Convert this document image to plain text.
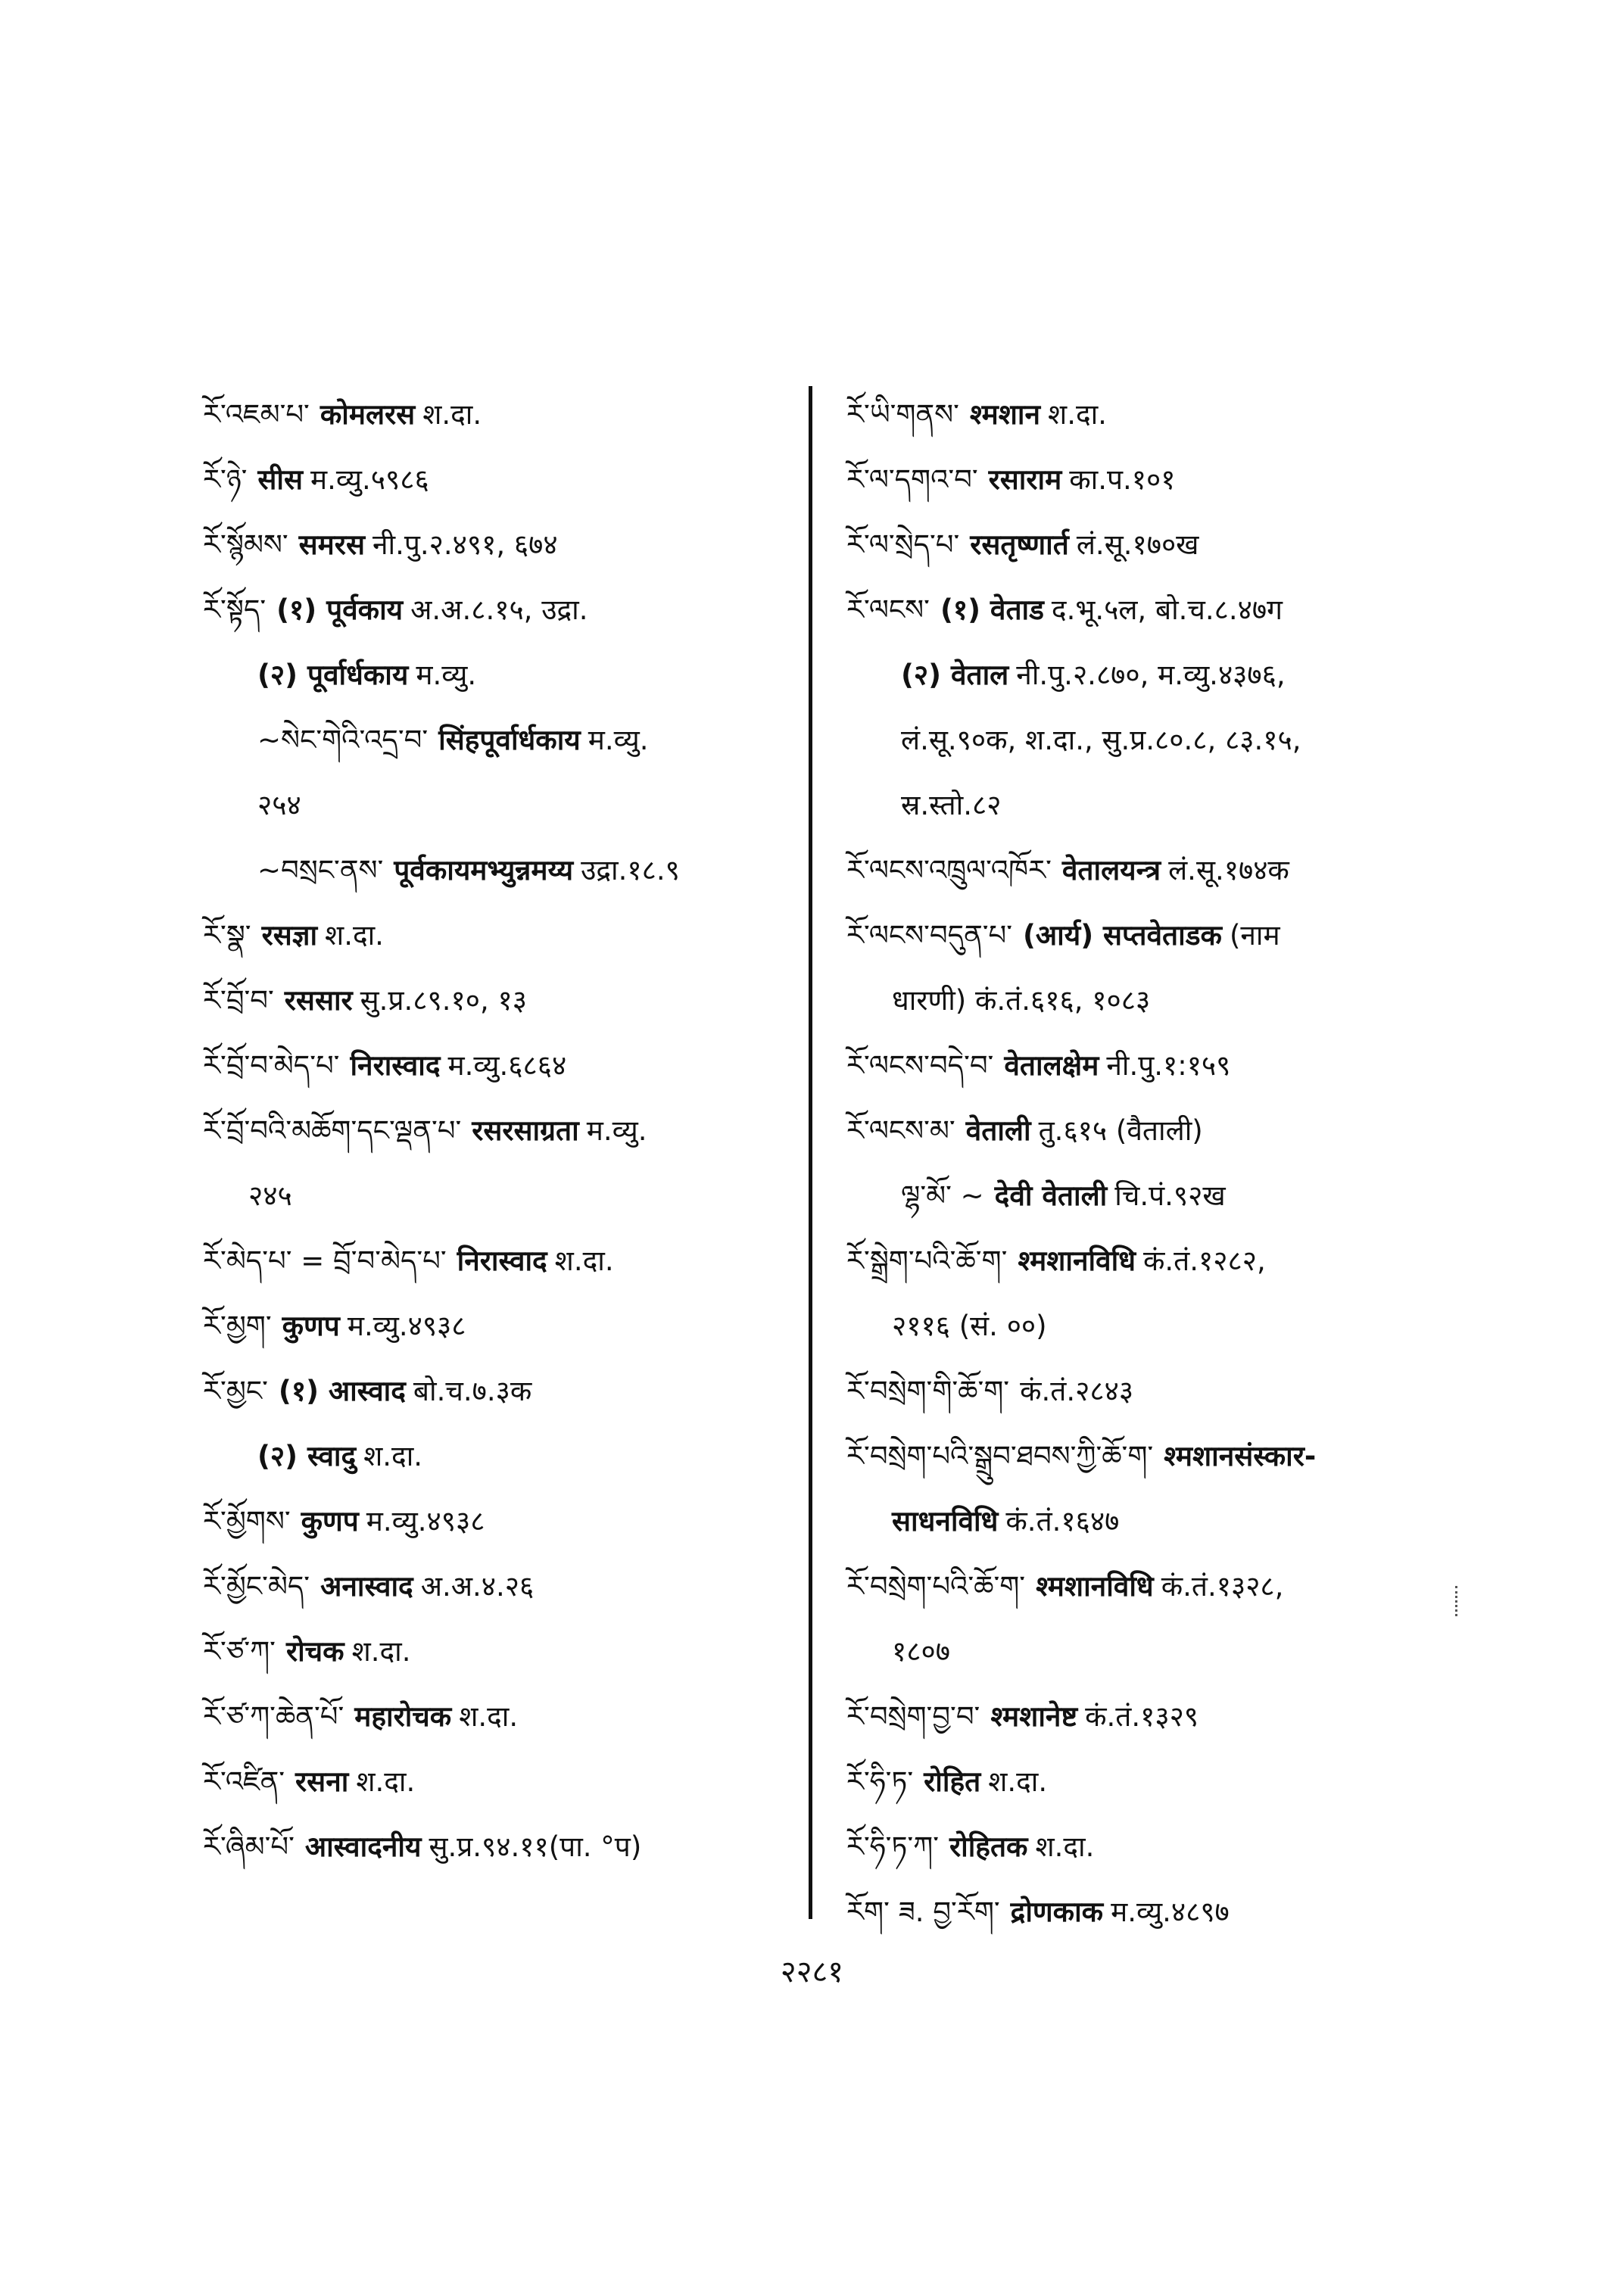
རོ་འཇམ་པ་ कोमलरस श.दा.
རོ་ཉེ་ सीस म.व्यु.५९८६
རོ་སྙོམས་ समरस नी.पु.२.४९१, ६७४
རོ་སྟོད་ (१) पूर्वकाय अ.अ.८.१५, उद्रा.
(२) पूर्वार्धकाय म.व्यु.
~སེང་གེའི་འདྲ་བ་ सिंहपूर्वार्धकाय म.व्यु.
२५४
~བསྲང་ནས་ पूर्वकायमभ्युन्नमय्य उद्रा.१८.९
རོ་སྣ་ रसज्ञा श.दा.
རོ་བྲོ་བ་ रससार सु.प्र.८९.१०, १३
རོ་བྲོ་བ་མེད་པ་ निरास्वाद म.व्यु.६८६४
རོ་བྲོ་བའི་མཆོག་དང་ལྡན་པ་ रसरसाग्रता म.व्यु.
२४५
རོ་མེད་པ་ = བྲོ་བ་མེད་པ་ निरास्वाद श.दा.
རོ་མྱག་ कुणप म.व्यु.४९३८
རོ་མྱང་ (१) आस्वाद बो.च.७.३क
(२) स्वादु श.दा.
རོ་མྱོགས་ कुणप म.व्यु.४९३८
རོ་མྱོང་མེད་ अनास्वाद अ.अ.४.२६
རོ་ཙ་ཀ་ रोचक श.दा.
རོ་ཙ་ཀ་ཆེན་པོ་ महारोचक श.दा.
རོ་འཛིན་ रसना श.दा.
རོ་ཞིམ་པོ་ आस्वादनीय सु.प्र.९४.११(पा. °प)
རོ་ཡི་གནས་ श्मशान श.दा.
རོ་ལ་དགའ་བ་ रसाराम का.प.१०१
རོ་ལ་སྲེད་པ་ रसतृष्णार्त लं.सू.१७०ख
རོ་ལངས་ (१) वेताड द.भू.५ल, बो.च.८.४७ग
(२) वेताल नी.पु.२.८७०, म.व्यु.४३७६,
लं.सू.९०क, श.दा., सु.प्र.८०.८, ८३.१५,
स्र.स्तो.८२
རོ་ལངས་འཁྲུལ་འཁོར་ वेतालयन्त्र लं.सू.१७४क
རོ་ལངས་བདུན་པ་ (आर्य) सप्तवेताडक (नाम
धारणी) कं.तं.६१६, १०८३
རོ་ལངས་བདེ་བ་ वेतालक्षेम नी.पु.१:१५९
རོ་ལངས་མ་ वेताली तु.६१५ (वैताली)
ལྷ་མོ་ ~ देवी वेताली चि.पं.९२ख
རོ་སྒྲེག་པའི་ཆོ་ག་ श्मशानविधि कं.तं.१२८२,
२११६ (सं. ००)
རོ་བསྲེག་གི་ཆོ་ག་ कं.तं.२८४३
རོ་བསྲེག་པའི་སྒྲུབ་ཐབས་ཀྱི་ཆོ་ག་ श्मशानसंस्कार-
साधनविधि कं.तं.१६४७
རོ་བསྲེག་པའི་ཆོ་ག་ श्मशानविधि कं.तं.१३२८,
१८०७
རོ་བསྲེག་བྱ་བ་ श्मशानेष्ट कं.तं.१३२९
རོ་ཧི་ཏ་ रोहित श.दा.
རོ་ཧི་ཏ་ཀ་ रोहितक श.दा.
རོག་ ཟ. བྱ་རོག་ द्रोणकाक म.व्यु.४८९७
२२८१
